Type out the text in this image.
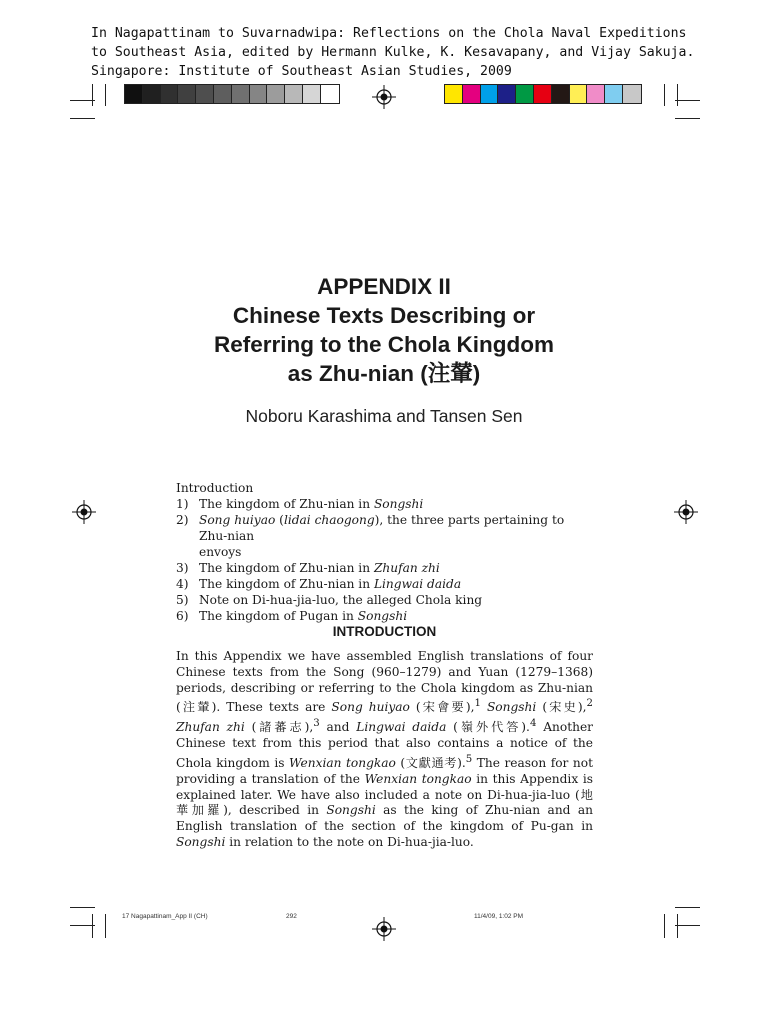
In Nagapattinam to Suvarnadwipa: Reflections on the Chola Naval Expeditions to Southeast Asia, edited by Hermann Kulke, K. Kesavapany, and Vijay Sakuja. Singapore: Institute of Southeast Asian Studies, 2009
APPENDIX II
Chinese Texts Describing or
Referring to the Chola Kingdom
as Zhu-nian (注輦)
Noboru Karashima and Tansen Sen
Introduction
1) The kingdom of Zhu-nian in Songshi
2) Song huiyao (lidai chaogong), the three parts pertaining to Zhu-nian
envoys
3) The kingdom of Zhu-nian in Zhufan zhi
4) The kingdom of Zhu-nian in Lingwai daida
5) Note on Di-hua-jia-luo, the alleged Chola king
6) The kingdom of Pugan in Songshi
INTRODUCTION
In this Appendix we have assembled English translations of four Chinese texts from the Song (960–1279) and Yuan (1279–1368) periods, describing or referring to the Chola kingdom as Zhu-nian (注輦). These texts are Song huiyao (宋會要),$^1$ Songshi (宋史),$^2$ Zhufan zhi (諸蕃志),$^3$ and Lingwai daida (嶺外代答).$^4$ Another Chinese text from this period that also contains a notice of the Chola kingdom is Wenxian tongkao (文獻通考).$^5$ The reason for not providing a translation of the Wenxian tongkao in this Appendix is explained later. We have also included a note on Di-hua-jia-luo (地華加羅), described in Songshi as the king of Zhu-nian and an English translation of the section of the kingdom of Pu-gan in Songshi in relation to the note on Di-hua-jia-luo.
17 Nagapattinam_App II (CH)	292	11/4/09, 1:02 PM
